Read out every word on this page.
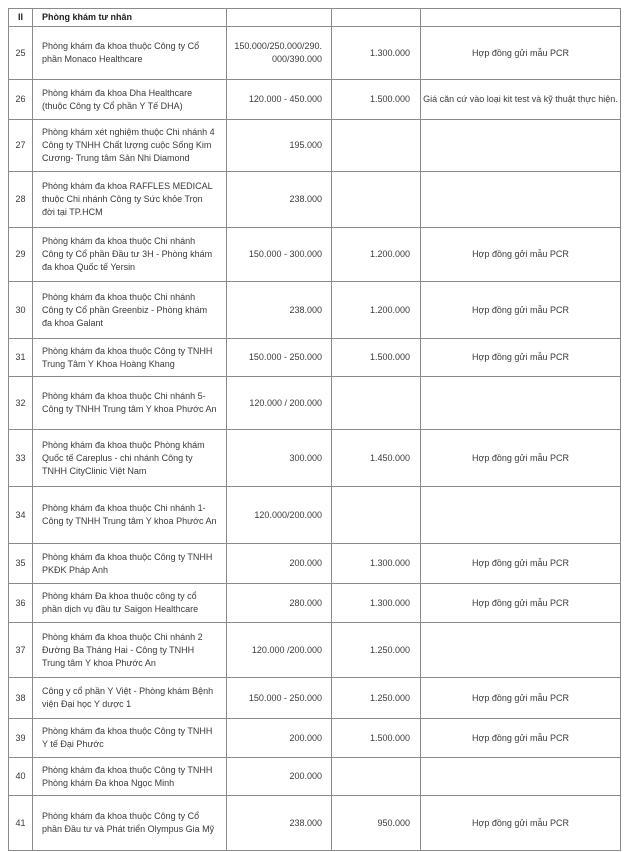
II	Phòng khám tư nhân			
25	Phòng khám đa khoa thuộc Công ty Cổ phần Monaco Healthcare	150.000/250.000/290.000/390.000	1.300.000	Hợp đồng gửi mẫu PCR
26	Phòng khám đa khoa Dha Healthcare (thuộc Công ty Cổ phần Y Tế DHA)	120.000 - 450.000	1.500.000	Giá căn cứ vào loại kit test và kỹ thuật thực hiện.
27	Phòng khám xét nghiệm thuộc Chi nhánh 4 Công ty TNHH Chất lượng cuộc Sống Kim Cương- Trung tâm Sản Nhi Diamond	195.000		
28	Phòng khám đa khoa RAFFLES MEDICAL thuộc Chi nhánh Công ty Sức khỏe Trọn đời tại TP.HCM	238.000		
29	Phòng khám đa khoa thuộc Chi nhánh Công ty Cổ phần Đầu tư 3H - Phòng khám đa khoa Quốc tế Yersin	150.000 - 300.000	1.200.000	Hợp đồng gởi mẫu PCR
30	Phòng khám đa khoa thuộc Chi nhánh Công ty Cổ phần Greenbiz - Phòng khám đa khoa Galant	238.000	1.200.000	Hợp đồng gửi mẫu PCR
31	Phòng khám đa khoa thuộc Công ty TNHH Trung Tâm Y Khoa Hoàng Khang	150.000 - 250.000	1.500.000	Hợp đồng gửi mẫu PCR
32	Phòng khám đa khoa thuộc Chi nhánh 5- Công ty TNHH Trung tâm Y khoa Phước An	120.000 / 200.000		
33	Phòng khám đa khoa thuộc Phòng khám Quốc tế Careplus - chi nhánh Công ty TNHH CityClinic Việt Nam	300.000	1.450.000	Hợp đồng gửi mẫu PCR
34	Phòng khám đa khoa thuộc Chi nhánh 1- Công ty TNHH Trung tâm Y khoa Phước An	120.000/200.000		
35	Phòng khám đa khoa thuộc Công ty TNHH PKĐK Pháp Anh	200.000	1.300.000	Hợp đồng gửi mẫu PCR
36	Phòng khám Đa khoa thuộc công ty cổ phần dịch vụ đầu tư Saigon Healthcare	280.000	1.300.000	Hợp đồng gửi mẫu PCR
37	Phòng khám đa khoa thuộc Chi nhánh 2 Đường Ba Tháng Hai - Công ty TNHH Trung tâm Y khoa Phước An	120.000 /200.000	1.250.000	
38	Công y cổ phần Y Việt - Phòng khám Bệnh viện Đại học Y dược 1	150.000 - 250.000	1.250.000	Hợp đồng gửi mẫu PCR
39	Phòng khám đa khoa thuộc Công ty TNHH Y tế Đại Phước	200.000	1.500.000	Hợp đồng gửi mẫu PCR
40	Phòng khám đa khoa thuộc Công ty TNHH Phòng khám Đa khoa Ngọc Minh	200.000		
41	Phòng khám đa khoa thuộc Công ty Cổ phần Đầu tư và Phát triển Olympus Gia Mỹ	238.000	950.000	Hợp đồng gửi mẫu PCR
